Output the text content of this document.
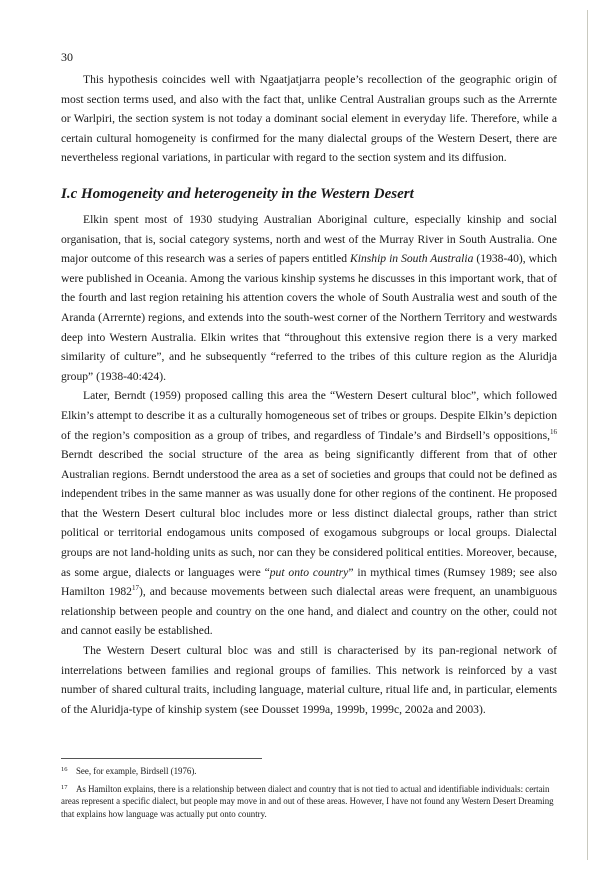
30

This hypothesis coincides well with Ngaatjatjarra people’s recollection of the geographic origin of most section terms used, and also with the fact that, unlike Central Australian groups such as the Arrernte or Warlpiri, the section system is not today a dominant social element in everyday life. Therefore, while a certain cultural homogeneity is confirmed for the many dialectal groups of the Western Desert, there are nevertheless regional variations, in particular with regard to the section system and its diffusion.

I.c Homogeneity and heterogeneity in the Western Desert

Elkin spent most of 1930 studying Australian Aboriginal culture, especially kinship and social organisation, that is, social category systems, north and west of the Murray River in South Australia. One major outcome of this research was a series of papers entitled Kinship in South Australia (1938-40), which were published in Oceania. Among the various kinship systems he discusses in this important work, that of the fourth and last region retaining his attention covers the whole of South Australia west and south of the Aranda (Arrernte) regions, and extends into the south-west corner of the Northern Territory and westwards deep into Western Australia. Elkin writes that “throughout this extensive region there is a very marked similarity of culture”, and he subsequently “referred to the tribes of this culture region as the Aluridja group” (1938-40:424).

Later, Berndt (1959) proposed calling this area the “Western Desert cultural bloc”, which followed Elkin’s attempt to describe it as a culturally homogeneous set of tribes or groups. Despite Elkin’s depiction of the region’s composition as a group of tribes, and regardless of Tindale’s and Birdsell’s oppositions,$^{16}$ Berndt described the social structure of the area as being significantly different from that of other Australian regions. Berndt understood the area as a set of societies and groups that could not be defined as independent tribes in the same manner as was usually done for other regions of the continent. He proposed that the Western Desert cultural bloc includes more or less distinct dialectal groups, rather than strict political or territorial endogamous units composed of exogamous subgroups or local groups. Dialectal groups are not land-holding units as such, nor can they be considered political entities. Moreover, because, as some argue, dialects or languages were “put onto country” in mythical times (Rumsey 1989; see also Hamilton 1982$^{17}$), and because movements between such dialectal areas were frequent, an unambiguous relationship between people and country on the one hand, and dialect and country on the other, could not and cannot easily be established.

The Western Desert cultural bloc was and still is characterised by its pan-regional network of interrelations between families and regional groups of families. This network is reinforced by a vast number of shared cultural traits, including language, material culture, ritual life and, in particular, elements of the Aluridja-type of kinship system (see Dousset 1999a, 1999b, 1999c, 2002a and 2003).

16 See, for example, Birdsell (1976).
17 As Hamilton explains, there is a relationship between dialect and country that is not tied to actual and identifiable individuals: certain areas represent a specific dialect, but people may move in and out of these areas. However, I have not found any Western Desert Dreaming that explains how language was actually put onto country.
